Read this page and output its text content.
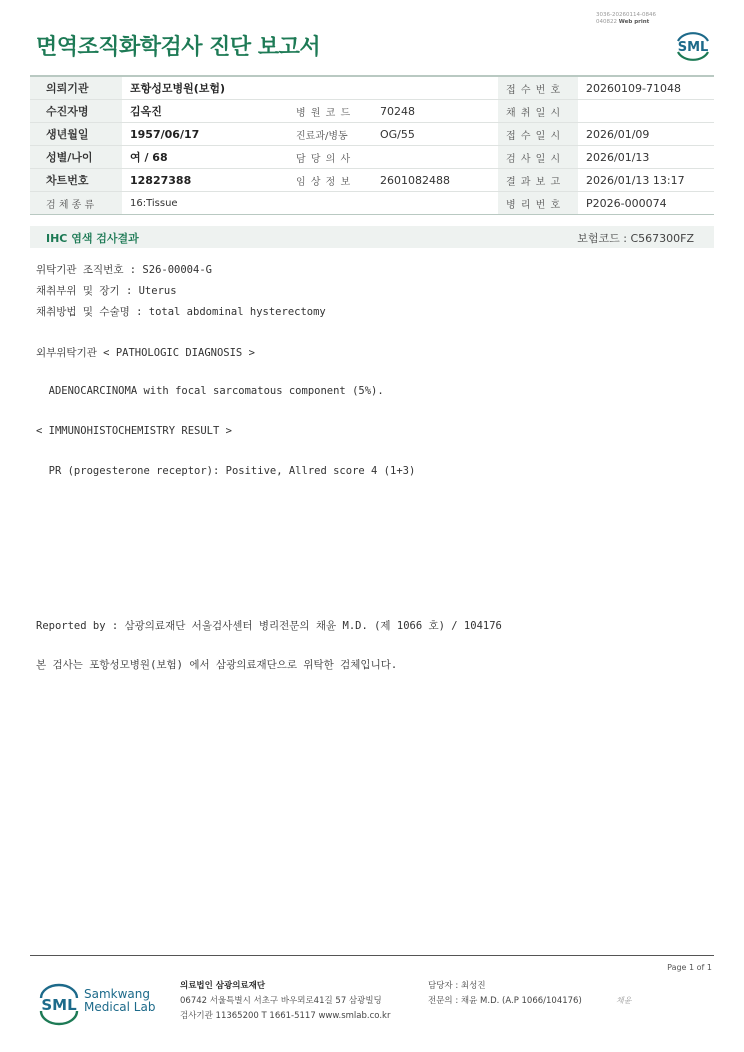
3036-20260114-0846
040822 Web print
면역조직화학검사 진단 보고서	SML
의뢰기관	포항성모병원(보험)			접 수 번 호	20260109-71048
수진자명	김옥진	병 원 코 드	70248	채 취 일 시	
생년월일	1957/06/17	진료과/병동	OG/55	접 수 일 시	2026/01/09
성별/나이	여 / 68	담 당 의 사		검 사 일 시	2026/01/13
차트번호	12827388	임 상 정 보	2601082488	결 과 보 고	2026/01/13 13:17
검 체 종 류	16:Tissue			병 리 번 호	P2026-000074
IHC 염색 검사결과	보험코드 : C567300FZ
위탁기관 조직번호 : S26-00004-G
채취부위 및 장기 : Uterus
채취방법 및 수술명 : total abdominal hysterectomy
외부위탁기관 < PATHOLOGIC DIAGNOSIS >
ADENOCARCINOMA with focal sarcomatous component (5%).
< IMMUNOHISTOCHEMISTRY RESULT >
PR (progesterone receptor): Positive, Allred score 4 (1+3)
Reported by : 삼광의료재단 서울검사센터 병리전문의 채윤 M.D. (제 1066 호) / 104176
본 검사는 포항성모병원(보험) 에서 삼광의료재단으로 위탁한 검체입니다.
Page 1 of 1
SML
Samkwang
Medical Lab
의료법인 삼광의료재단
06742 서울특별시 서초구 바우뫼로41길 57 삼광빌딩
검사기관 11365200 T 1661-5117 www.smlab.co.kr
담당자 : 최성진
전문의 : 채윤 M.D. (A.P 1066/104176)	채윤
